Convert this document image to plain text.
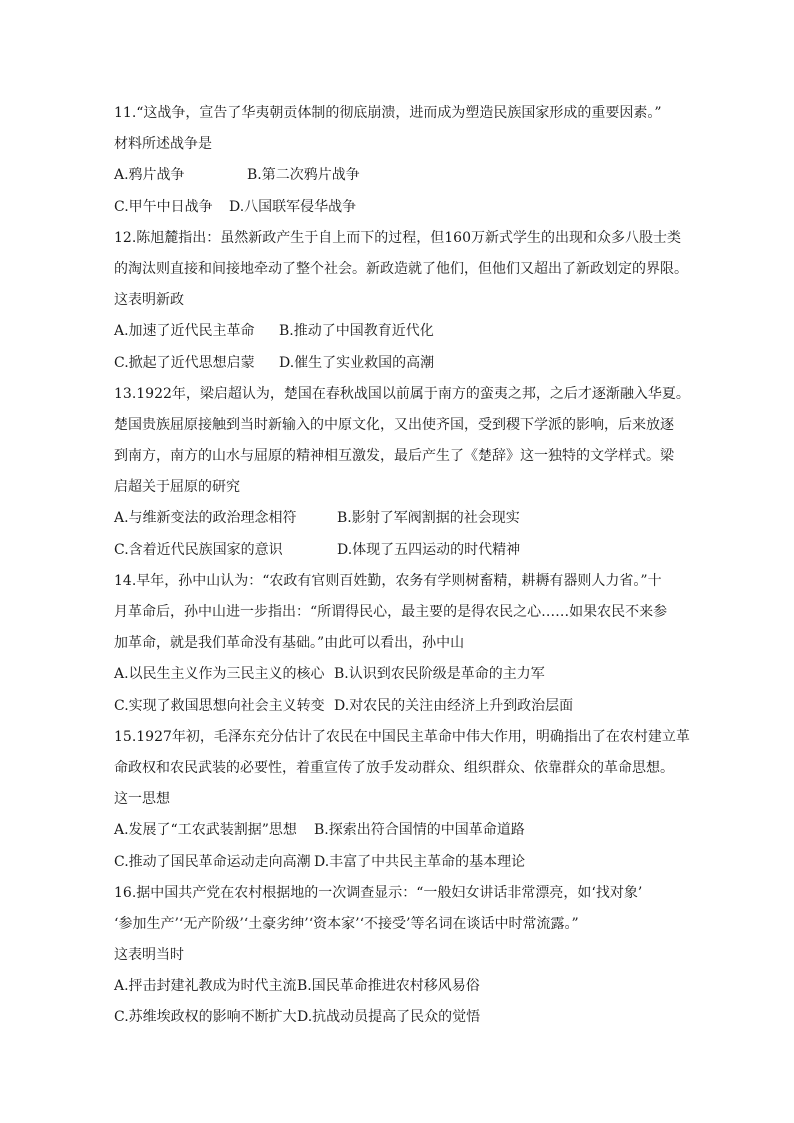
11.“这战争，宣告了华夷朝贡体制的彻底崩溃，进而成为塑造民族国家形成的重要因素。”
材料所述战争是
A.鸦片战争	B.第二次鸦片战争
C.甲午中日战争	D.八国联军侵华战争
12.陈旭麓指出：虽然新政产生于自上而下的过程，但160万新式学生的出现和众多八股士类
的淘汰则直接和间接地牵动了整个社会。新政造就了他们，但他们又超出了新政划定的界限。
这表明新政
A.加速了近代民主革命	B.推动了中国教育近代化
C.掀起了近代思想启蒙	D.催生了实业救国的高潮
13.1922年，梁启超认为，楚国在春秋战国以前属于南方的蛮夷之邦，之后才逐渐融入华夏。
楚国贵族屈原接触到当时新输入的中原文化，又出使齐国，受到稷下学派的影响，后来放逐
到南方，南方的山水与屈原的精神相互激发，最后产生了《楚辞》这一独特的文学样式。梁
启超关于屈原的研究
A.与维新变法的政治理念相符	B.影射了军阀割据的社会现实
C.含着近代民族国家的意识	D.体现了五四运动的时代精神
14.早年，孙中山认为：“农政有官则百姓勤，农务有学则树畜精，耕耨有器则人力省。”十
月革命后，孙中山进一步指出：“所谓得民心，最主要的是得农民之心……如果农民不来参
加革命，就是我们革命没有基础。”由此可以看出，孙中山
A.以民生主义作为三民主义的核心 B.认识到农民阶级是革命的主力军
C.实现了救国思想向社会主义转变 D.对农民的关注由经济上升到政治层面
15.1927年初，毛泽东充分估计了农民在中国民主革命中伟大作用，明确指出了在农村建立革
命政权和农民武装的必要性，着重宣传了放手发动群众、组织群众、依靠群众的革命思想。
这一思想
A.发展了“工农武装割据”思想	B.探索出符合国情的中国革命道路
C.推动了国民革命运动走向高潮 D.丰富了中共民主革命的基本理论
16.据中国共产党在农村根据地的一次调查显示：“一般妇女讲话非常漂亮，如‘找对象’
‘参加生产’‘无产阶级’‘土豪劣绅’‘资本家’‘不接受’等名词在谈话中时常流露。”
这表明当时
A.抨击封建礼教成为时代主流 B.国民革命推进农村移风易俗
C.苏维埃政权的影响不断扩大 D.抗战动员提高了民众的觉悟
